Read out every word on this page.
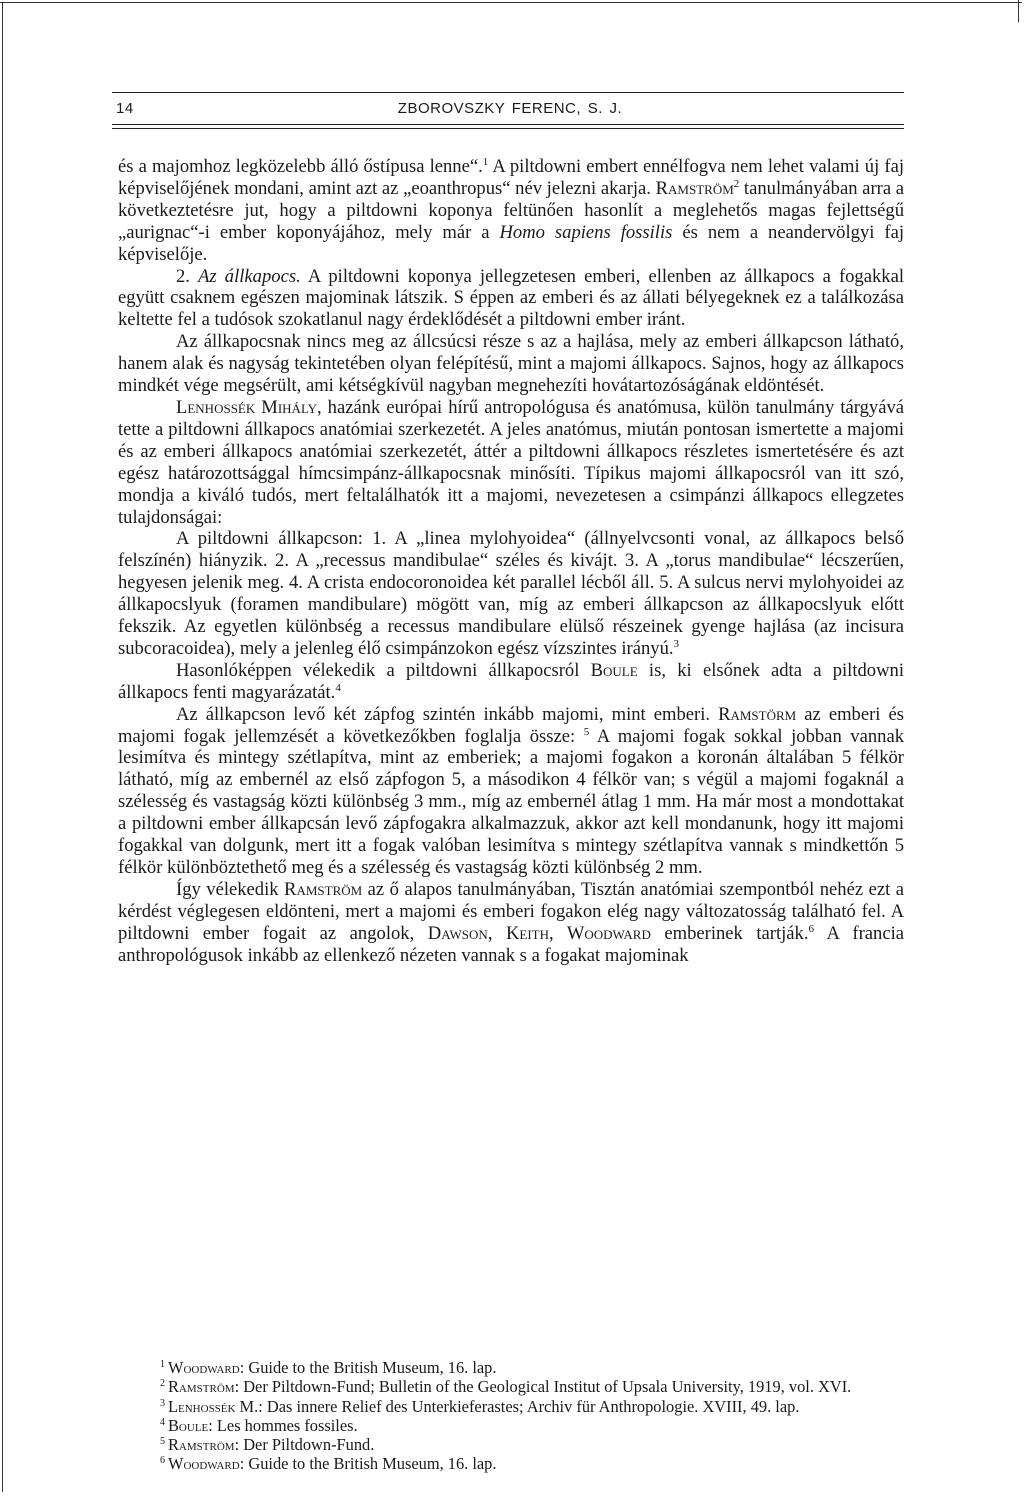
14	ZBOROVSZKY FERENC, S. J.

és a majomhoz legközelebb álló őstípusa lenne“.$^1$ A piltdowni embert ennélfogva nem lehet valami új faj képviselőjének mondani, amint azt az „eoanthropus“ név jelezni akarja. Ramström$^2$ tanulmányában arra a következtetésre jut, hogy a piltdowni koponya feltünően hasonlít a meglehetős magas fejlettségű „aurignac“-i ember koponyájához, mely már a Homo sapiens fossilis és nem a neandervölgyi faj képviselője.

2. Az állkapocs. A piltdowni koponya jellegzetesen emberi, ellenben az állkapocs a fogakkal együtt csaknem egészen majominak látszik. S éppen az emberi és az állati bélyegeknek ez a találkozása keltette fel a tudósok szokatlanul nagy érdeklődését a piltdowni ember iránt.

Az állkapocsnak nincs meg az állcsúcsi része s az a hajlása, mely az emberi állkapcson látható, hanem alak és nagyság tekintetében olyan felépítésű, mint a majomi állkapocs. Sajnos, hogy az állkapocs mindkét vége megsérült, ami kétségkívül nagyban megnehezíti hovátartozóságának eldöntését.

Lenhossék Mihály, hazánk európai hírű antropológusa és anatómusa, külön tanulmány tárgyává tette a piltdowni állkapocs anatómiai szerkezetét. A jeles anatómus, miután pontosan ismertette a majomi és az emberi állkapocs anatómiai szerkezetét, áttér a piltdowni állkapocs részletes ismertetésére és azt egész határozottsággal hímcsimpánz-állkapocsnak minősíti. Típikus majomi állkapocsról van itt szó, mondja a kiváló tudós, mert feltalálhatók itt a majomi, nevezetesen a csimpánzi állkapocs ellegzetes tulajdonságai:

A piltdowni állkapcson: 1. A „linea mylohyoidea“ (állnyelvcsonti vonal, az állkapocs belső felszínén) hiányzik. 2. A „recessus mandibulae“ széles és kivájt. 3. A „torus mandibulae“ lécszerűen, hegyesen jelenik meg. 4. A crista endocoronoidea két parallel lécből áll. 5. A sulcus nervi mylohyoidei az állkapocslyuk (foramen mandibulare) mögött van, míg az emberi állkapcson az állkapocslyuk előtt fekszik. Az egyetlen különbség a recessus mandibulare elülső részeinek gyenge hajlása (az incisura subcoracoidea), mely a jelenleg élő csimpánzokon egész vízszintes irányú.$^3$

Hasonlóképpen vélekedik a piltdowni állkapocsról Boule is, ki elsőnek adta a piltdowni állkapocs fenti magyarázatát.$^4$

Az állkapcson levő két zápfog szintén inkább majomi, mint emberi. Ramstörm az emberi és majomi fogak jellemzését a következőkben foglalja össze: $^5$ A majomi fogak sokkal jobban vannak lesimítva és mintegy szétlapítva, mint az emberiek; a majomi fogakon a koronán általában 5 félkör látható, míg az embernél az első zápfogon 5, a másodikon 4 félkör van; s végül a majomi fogaknál a szélesség és vastagság közti különbség 3 mm., míg az embernél átlag 1 mm. Ha már most a mondottakat a piltdowni ember állkapcsán levő zápfogakra alkalmazzuk, akkor azt kell mondanunk, hogy itt majomi fogakkal van dolgunk, mert itt a fogak valóban lesimítva s mintegy szétlapítva vannak s mindkettőn 5 félkör különböztethető meg és a szélesség és vastagság közti különbség 2 mm.

Így vélekedik Ramström az ő alapos tanulmányában, Tisztán anatómiai szempontból nehéz ezt a kérdést véglegesen eldönteni, mert a majomi és emberi fogakon elég nagy változatosság található fel. A piltdowni ember fogait az angolok, Dawson, Keith, Woodward emberinek tartják.$^6$ A francia anthropológusok inkább az ellenkező nézeten vannak s a fogakat majominak

$^1$ Woodward: Guide to the British Museum, 16. lap.
$^2$ Ramström: Der Piltdown-Fund; Bulletin of the Geological Institut of Upsala University, 1919, vol. XVI.
$^3$ Lenhossék M.: Das innere Relief des Unterkieferastes; Archiv für Anthropologie. XVIII, 49. lap.
$^4$ Boule: Les hommes fossiles.
$^5$ Ramström: Der Piltdown-Fund.
$^6$ Woodward: Guide to the British Museum, 16. lap.
